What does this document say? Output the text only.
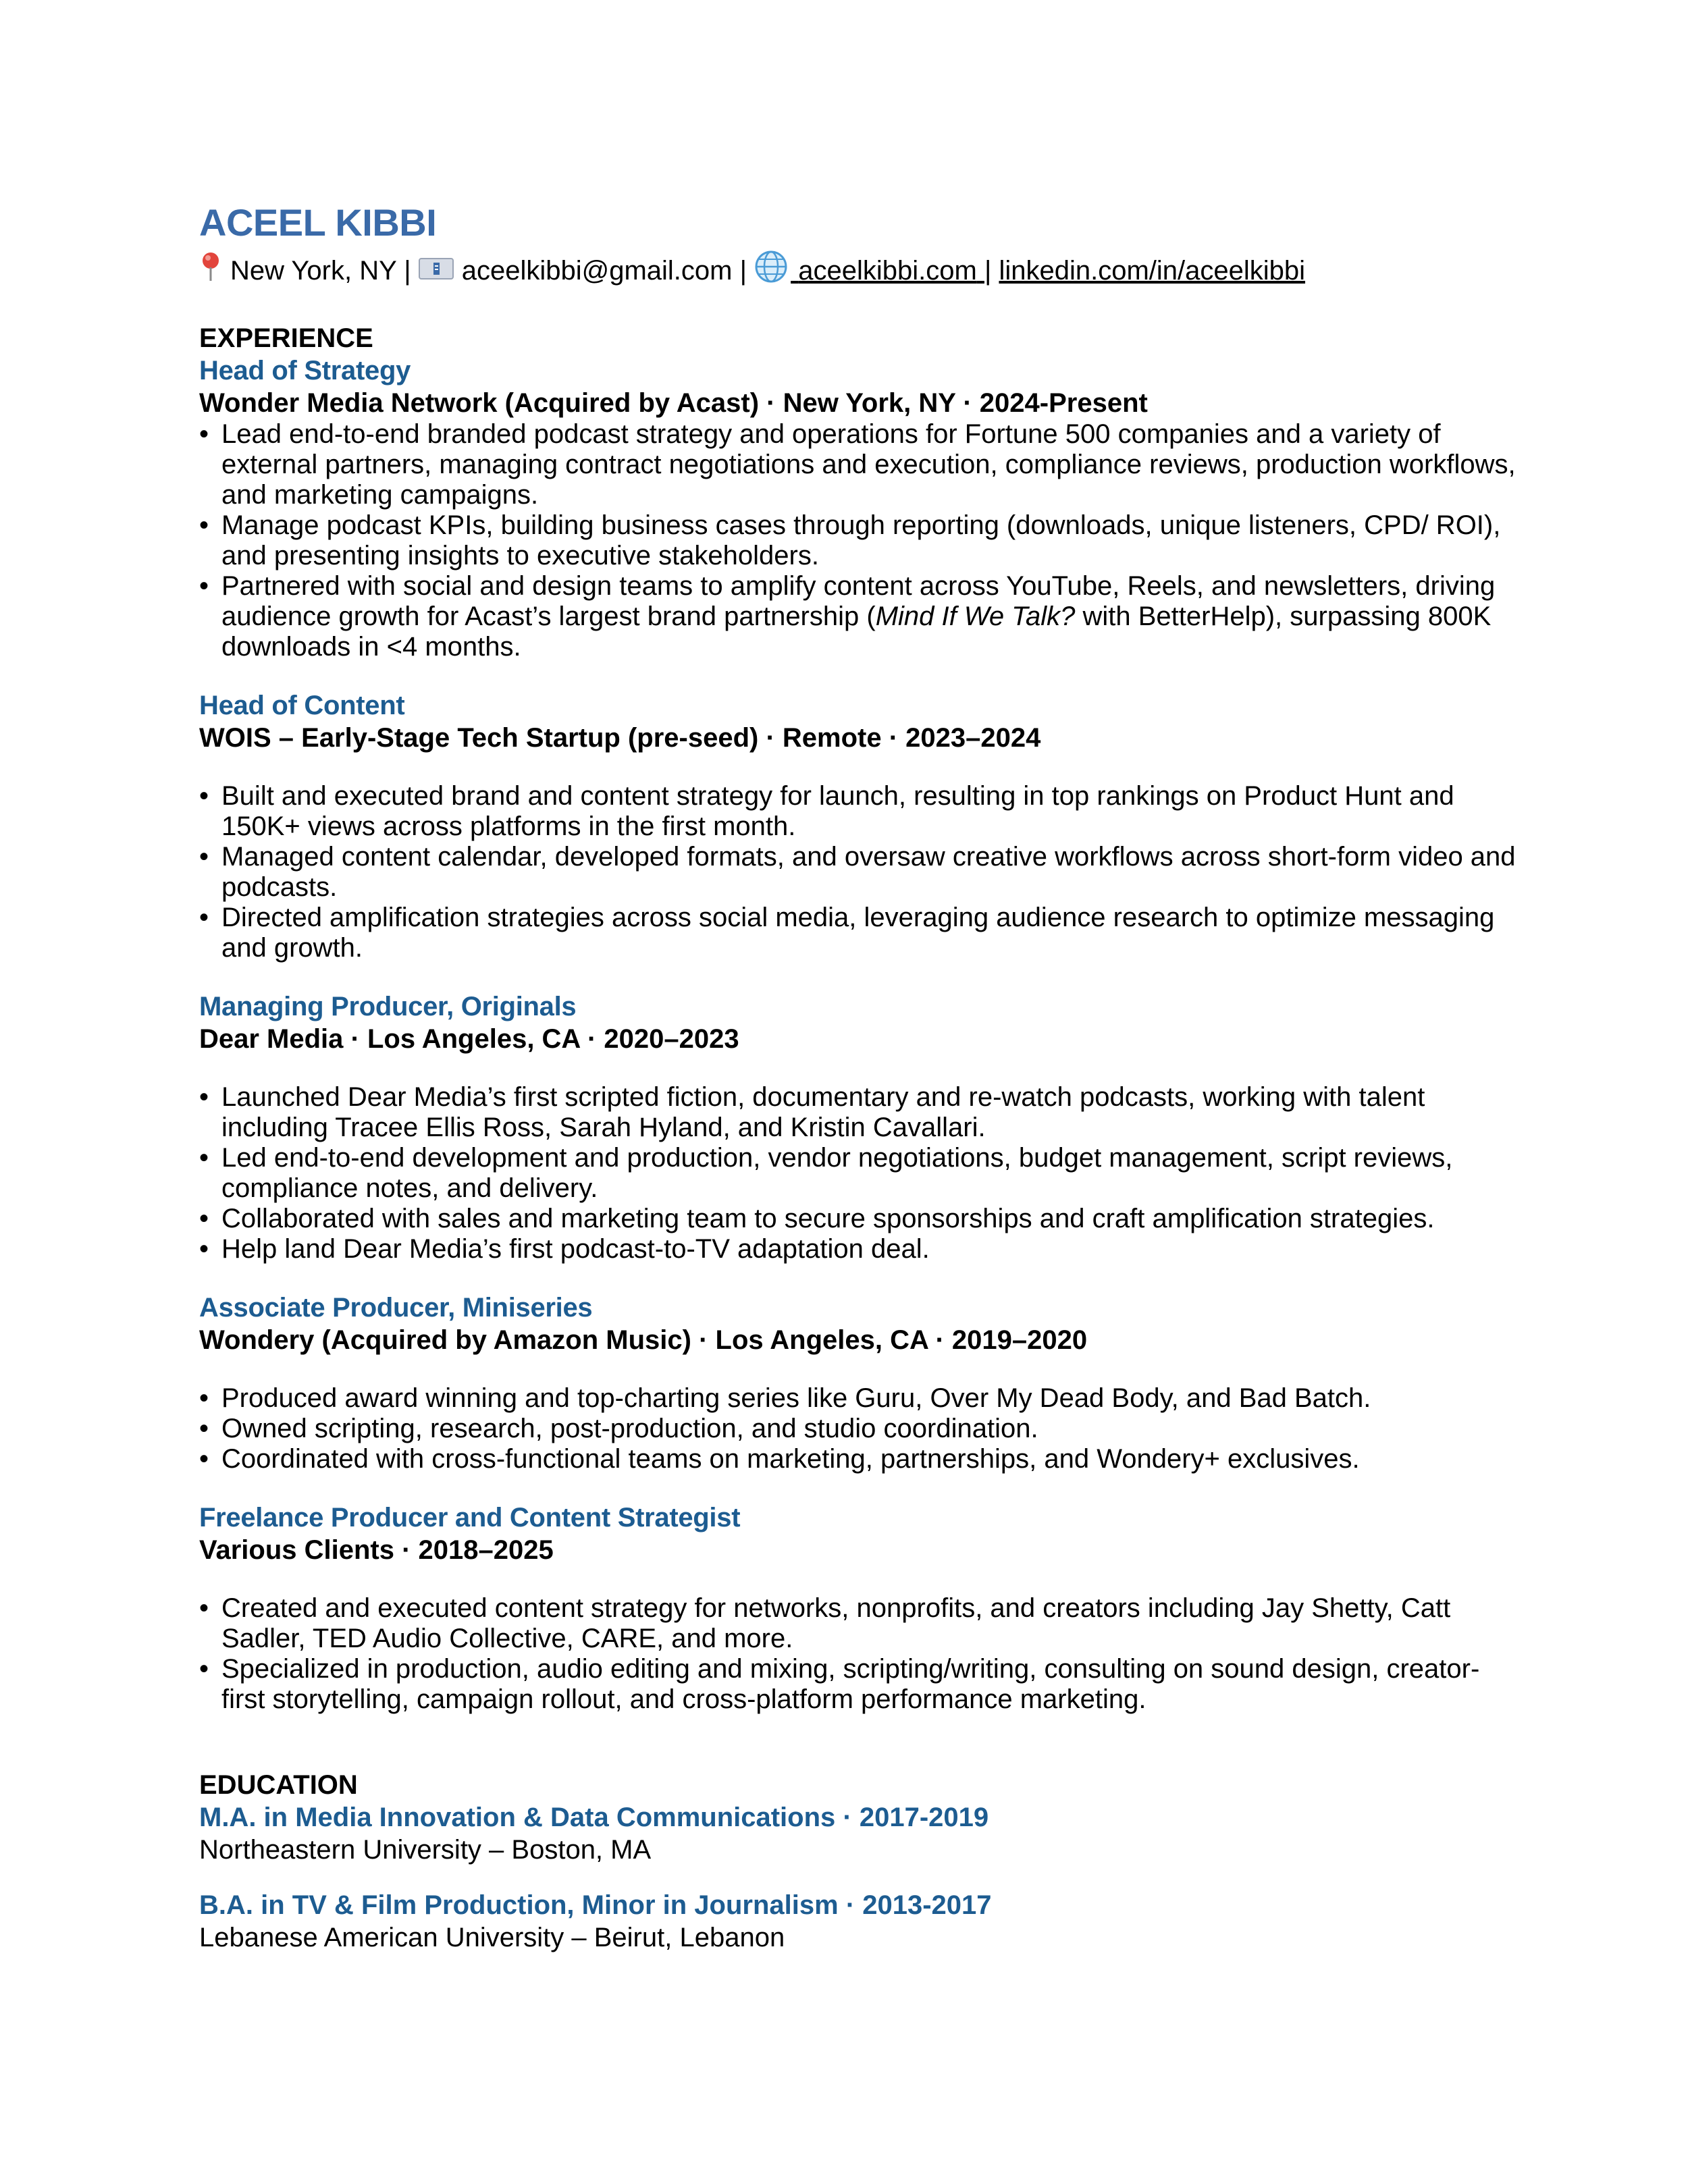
ACEEL KIBBI
New York, NY | aceelkibbi@gmail.com | aceelkibbi.com | linkedin.com/in/aceelkibbi
EXPERIENCE
Head of Strategy
Wonder Media Network (Acquired by Acast) · New York, NY · 2024-Present
• Lead end-to-end branded podcast strategy and operations for Fortune 500 companies and a variety of external partners, managing contract negotiations and execution, compliance reviews, production workflows, and marketing campaigns.
• Manage podcast KPIs, building business cases through reporting (downloads, unique listeners, CPD/ ROI), and presenting insights to executive stakeholders.
• Partnered with social and design teams to amplify content across YouTube, Reels, and newsletters, driving audience growth for Acast’s largest brand partnership (Mind If We Talk? with BetterHelp), surpassing 800K downloads in <4 months.
Head of Content
WOIS – Early-Stage Tech Startup (pre-seed) · Remote · 2023–2024
• Built and executed brand and content strategy for launch, resulting in top rankings on Product Hunt and 150K+ views across platforms in the first month.
• Managed content calendar, developed formats, and oversaw creative workflows across short-form video and podcasts.
• Directed amplification strategies across social media, leveraging audience research to optimize messaging and growth.
Managing Producer, Originals
Dear Media · Los Angeles, CA · 2020–2023
• Launched Dear Media’s first scripted fiction, documentary and re-watch podcasts, working with talent including Tracee Ellis Ross, Sarah Hyland, and Kristin Cavallari.
• Led end-to-end development and production, vendor negotiations, budget management, script reviews, compliance notes, and delivery.
• Collaborated with sales and marketing team to secure sponsorships and craft amplification strategies.
• Help land Dear Media’s first podcast-to-TV adaptation deal.
Associate Producer, Miniseries
Wondery (Acquired by Amazon Music) · Los Angeles, CA · 2019–2020
• Produced award winning and top-charting series like Guru, Over My Dead Body, and Bad Batch.
• Owned scripting, research, post-production, and studio coordination.
• Coordinated with cross-functional teams on marketing, partnerships, and Wondery+ exclusives.
Freelance Producer and Content Strategist
Various Clients · 2018–2025
• Created and executed content strategy for networks, nonprofits, and creators including Jay Shetty, Catt Sadler, TED Audio Collective, CARE, and more.
• Specialized in production, audio editing and mixing, scripting/writing, consulting on sound design, creator-first storytelling, campaign rollout, and cross-platform performance marketing.
EDUCATION
M.A. in Media Innovation & Data Communications · 2017-2019
Northeastern University – Boston, MA
B.A. in TV & Film Production, Minor in Journalism · 2013-2017
Lebanese American University – Beirut, Lebanon
